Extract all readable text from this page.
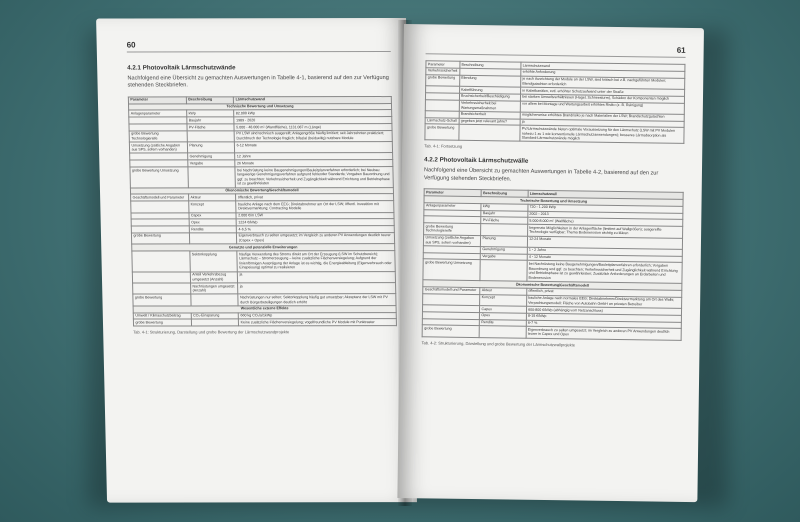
60
4.2.1 Photovoltaik Lärmschutzwände

Nachfolgend eine Übersicht zu gemachten Auswertungen in Tabelle 4-1, basierend auf den zur Verfügung stehenden Steckbriefen.

Parameter	Beschreibung	Lärmschutzwand
Technische Bewertung und Umsetzung		
Anlagenparameter	kWp	82.000 kWp
	Baujahr	1989 - 2020
	PV-Fläche	5.000 - 48.000 m² (Wandfläche), 1131.087 m (Länge)
grobe Bewertung Technologiereife		PV LSW sind technisch ausgereift; Anlagengröße häufig limitiert; seit Jahrzehnten praktiziert; Durchbruch der Technologie fraglich; bifazial (beidseitig) nutzbare Module
Umsetzung (zeitliche Angaben aus SPS, sofern vorhanden)	Planung	6-12 Monate
	Genehmigung	12 Jahre
	Vergabe	26 Monate
grobe Bewertung Umsetzung		bei Nachrüstung keine Baugenehmigungen/Bauleitplanverfahren erforderlich; bei Neubau: langwierige Genehmigungsverfahren aufgrund fehlender Standards; Vorgaben Bauordnung und ggf. zu beachten; Verkehrssicherheit und Zugänglichkeit während Errichtung und Betriebsphase ist zu gewährleisten
Ökonomische Bewertung/Geschäftsmodell		
Geschäftsmodell und Parameter	Akteur	öffentlich, privat
	Konzept	bauliche Anlage nach dem EEG; Direktabnehmer am Ort der LSW; öffentl. Investition mit Direktvermarktung; Contracting Modelle
	Capex	2.000 €/m LSW
	Opex	1224 €/kWp
	Rendite	4-6,5 %
grobe Bewertung		Eigenverbrauch zu selten umgesetzt; im Vergleich zu anderen PV Anwendungen deutlich teurer (Capex + Opex)
Genutzte und potenzielle Erweiterungen		
	Sektorkopplung	häufige Verwendung des Stroms direkt am Ort der Erzeugung (LSW im Schutzbereich); Lärmschutz – Stromerzeugung – keine zusätzliche Flächenversiegelung; Aufgrund der linienförmigen Ausprägung der Anlage ist es wichtig, die Energieableitung (Eigenverbrauch oder Einspeisung) optimal zu realisieren
	Anteil Verkehrsbezug umgesetzt (Anzahl)	ja
	Nachrüstungen umgesetzt (Anzahl)	ja
grobe Bewertung		Nachrüstungen nur selten; Sektorkopplung häufig gut umsetzbar; Akzeptanz der LSW mit PV durch Bürgerbeteiligungen deutlich erhöht
Wesentliche externe Effekte		
Umwelt / Klimaschutzbeitrag	CO₂-Einsparung	660 kg CO₂/a/1kWp
grobe Bewertung		Keine zusätzliche Flächenversiegelung; vogelfreundliche PV Module mit Punktraster
Tab. 4-1: Strukturierung, Darstellung und grobe Bewertung der Lärmschutzwandprojekte
61
Parameter	Beschreibung	Lärmschutzwand
Verkehrssicherheit		erhöhte Anforderung
grobe Bewertung	Blendung	je nach Ausrichtung der Module an der LSW, sind kritisch bei z.B. nachgeführten Modulen; Blendgutachten erforderlich
	Kabelführung	in Kabelkanälen, evtl. erhöhter Schutzaufwand unter der Straße
	Bruchsicherheit/Beschädigung	bei starken Umweltverhältnissen (Hagel, Schneesturm), Schäden der Komponenten möglich
	Verkehrssicherheit bei Wartungsmaßnahmen	vor allem bei Montage und Wartungsarbeit erhöhtes Risiko (z. B. Reinigung)
	Brandsicherheit	möglicherweise erhöhtes Brandrisiko je nach Materialien der LSW; Brandschutzgutachten
Lärmschutz-Schall	gegeben jetzt relevant jahre?	ja
grobe Bewertung		PV/Lärmschutzwände bieten optimale Voraussetzung für den Lärmschutz (LSW mit PV Modulen nahezu 1 zu 1 wie konventionelle Lärmschutzanwendungen); besseres Lärmabsorption als Standard-Lärmschutzwände möglich
Tab. 4-1: Fortsetzung
4.2.2 Photovoltaik Lärmschutzwälle

Nachfolgend eine Übersicht zu gemachten Auswertungen in Tabelle 4-2, basierend auf den zur Verfügung stehenden Steckbriefen.

Parameter	Beschreibung	Lärmschutzwall
Technische Bewertung und Umsetzung		
Anlagenparameter	kWp	720 - 1.200 kWp
	Baujahr	2002 - 2013
	PV-Fläche	5.000-8.000 m² (Wallfläche)
grobe Bewertung Technologiereife		begrenzte Möglichkeiten in der Anlagenfläche (limitiert auf Wallgrößen); ausgereifte Technologie verfügbar; Thema Bodenerosion wichtig zu klären
Umsetzung (zeitliche Angaben aus SPS, sofern vorhanden)	Planung	12-24 Monate
	Genehmigung	1 - 2 Jahre
	Vergabe	4 - 12 Monate
grobe Bewertung Umsetzung		bei Nachrüstung keine Baugenehmigungen/Bauleitplanverfahren erforderlich; Vorgaben Bauordnung und ggf. zu beachten; Verkehrssicherheit und Zugänglichkeit während Errichtung und Betriebsphase ist zu gewährleisten; Zusätzlich Anforderungen an Erdarbeiten und Bodenerosion
Ökonomische Bewertung/Geschäftsmodell		
Geschäftsmodell und Parameter	Akteur	öffentlich, privat
	Konzept	bauliche Anlage nach normales EEG; Direktabnehmer/Direktvermarktung am Ort des Walls; Verpachtungsmodell: Fläche von Autobahn GmbH an privaten Betreiber
	Capex	600-800 €/kWp (abhängig vom Netzanschluss)
	Opex	8-15 €/kWp
	Rendite	6-7 %
grobe Bewertung		Eigenverbrauch zu selten umgesetzt; im Vergleich zu anderen PV Anwendungen deutlich teurer in Capex und Opex
Tab. 4-2: Strukturierung, Darstellung und grobe Bewertung der Lärmschutzwallprojekte
